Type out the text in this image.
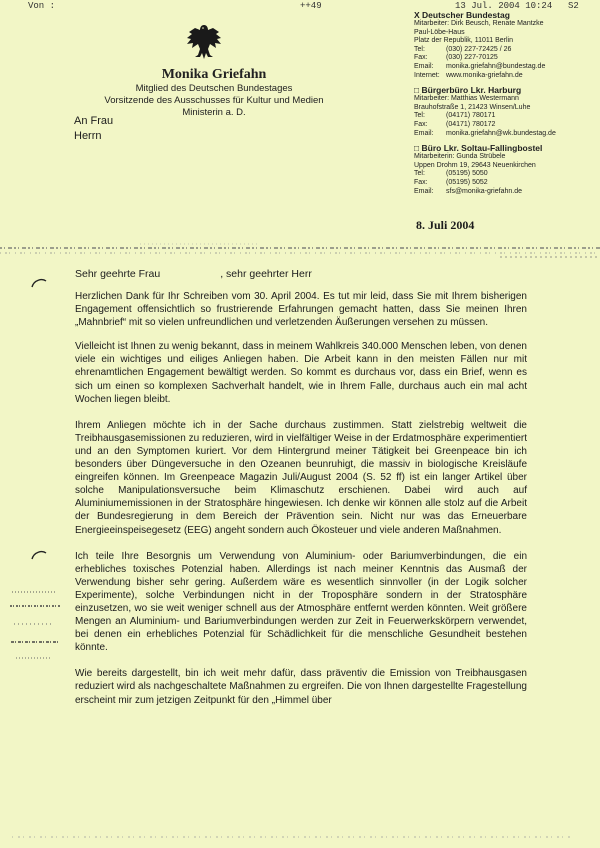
Von :	++49	13 Jul. 2004 10:24 S2
Monika Griefahn
Mitglied des Deutschen Bundestages
Vorsitzende des Ausschusses für Kultur und Medien
Ministerin a. D.
An Frau
Herrn
X Deutscher Bundestag
Mitarbeiter: Dirk Beusch, Renate Mantzke
Paul-Löbe-Haus
Platz der Republik, 11011 Berlin
Tel:	(030) 227-72425 / 26
Fax:	(030) 227-70125
Email:	monika.griefahn@bundestag.de
Internet: www.monika-griefahn.de
□ Bürgerbüro Lkr. Harburg
Mitarbeiter: Matthias Westermann
Brauhofstraße 1, 21423 Winsen/Luhe
Tel:	(04171) 780171
Fax:	(04171) 780172
Email:	monika.griefahn@wk.bundestag.de
□ Büro Lkr. Soltau-Fallingbostel
Mitarbeiterin: Gunda Strübele
Uppen Drohm 19, 29643 Neuenkirchen
Tel:	(05195) 5050
Fax:	(05195) 5052
Email:	sfs@monika-griefahn.de
8. Juli 2004
Sehr geehrte Frau	, sehr geehrter Herr

Herzlichen Dank für Ihr Schreiben vom 30. April 2004. Es tut mir leid, dass Sie mit Ihrem bisherigen Engagement offensichtlich so frustrierende Erfahrungen gemacht hatten, dass Sie meinen Ihren „Mahnbrief“ mit so vielen unfreundlichen und verletzenden Äußerungen versehen zu müssen.

Vielleicht ist Ihnen zu wenig bekannt, dass in meinem Wahlkreis 340.000 Menschen leben, von denen viele ein wichtiges und eiliges Anliegen haben. Die Arbeit kann in den meisten Fällen nur mit ehrenamtlichen Engagement bewältigt werden. So kommt es durchaus vor, dass ein Brief, wenn es sich um einen so komplexen Sachverhalt handelt, wie in Ihrem Falle, durchaus auch ein mal acht Wochen liegen bleibt.

Ihrem Anliegen möchte ich in der Sache durchaus zustimmen. Statt zielstrebig weltweit die Treibhausgasemissionen zu reduzieren, wird in vielfältiger Weise in der Erdatmosphäre experimentiert und an den Symptomen kuriert. Vor dem Hintergrund meiner Tätigkeit bei Greenpeace bin ich besonders über Düngeversuche in den Ozeanen beunruhigt, die massiv in biologische Kreisläufe eingreifen können. Im Greenpeace Magazin Juli/August 2004 (S. 52 ff) ist ein langer Artikel über solche Manipulationsversuche beim Klimaschutz erschienen. Dabei wird auch auf Aluminiumemissionen in der Stratosphäre hingewiesen. Ich denke wir können alle stolz auf die Arbeit der Bundesregierung in dem Bereich der Prävention sein. Nicht nur was das Erneuerbare Energieeinspeisegesetz (EEG) angeht sondern auch Ökosteuer und viele anderen Maßnahmen.

Ich teile Ihre Besorgnis um Verwendung von Aluminium- oder Bariumverbindungen, die ein erhebliches toxisches Potenzial haben. Allerdings ist nach meiner Kenntnis das Ausmaß der Verwendung bisher sehr gering. Außerdem wäre es wesentlich sinnvoller (in der Logik solcher Experimente), solche Verbindungen nicht in der Troposphäre sondern in der Stratosphäre einzusetzen, wo sie weit weniger schnell aus der Atmosphäre entfernt werden könnten. Weit größere Mengen an Aluminium- und Bariumverbindungen werden zur Zeit in Feuerwerkskörpern verwendet, bei denen ein erhebliches Potenzial für Schädlichkeit für die menschliche Gesundheit bestehen könnte.

Wie bereits dargestellt, bin ich weit mehr dafür, dass präventiv die Emission von Treibhausgasen reduziert wird als nachgeschaltete Maßnahmen zu ergreifen. Die von Ihnen dargestellte Fragestellung erscheint mir zum jetzigen Zeitpunkt für den „Himmel über
